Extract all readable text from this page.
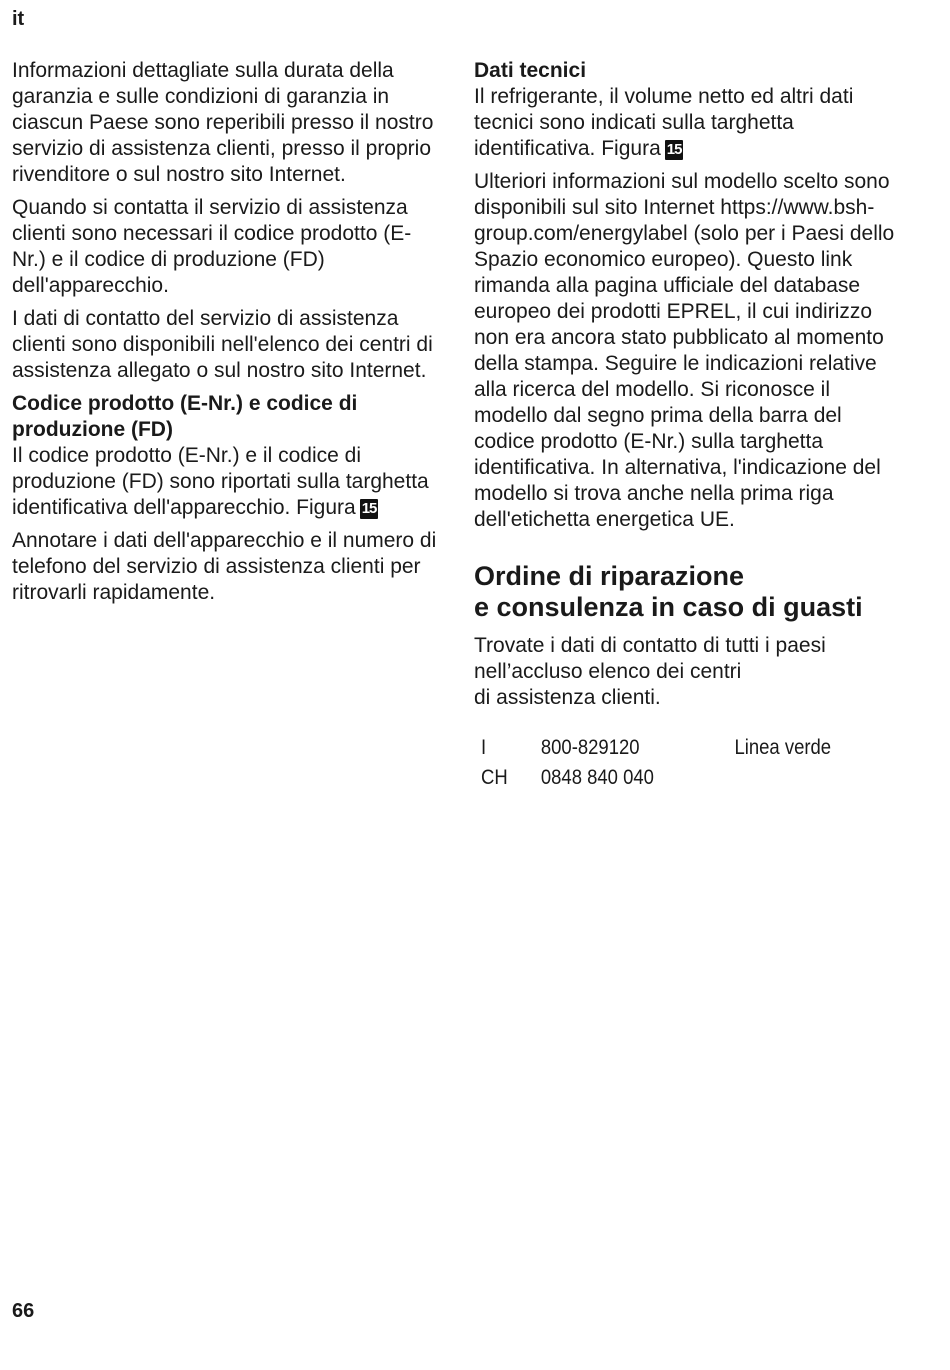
it

Informazioni dettagliate sulla durata della garanzia e sulle condizioni di garanzia in ciascun Paese sono reperibili presso il nostro servizio di assistenza clienti, presso il proprio rivenditore o sul nostro sito Internet.

Quando si contatta il servizio di assistenza clienti sono necessari il codice prodotto (E-Nr.) e il codice di produzione (FD) dell'apparecchio.

I dati di contatto del servizio di assistenza clienti sono disponibili nell'elenco dei centri di assistenza allegato o sul nostro sito Internet.

Codice prodotto (E-Nr.) e codice di produzione (FD)
Il codice prodotto (E-Nr.) e il codice di produzione (FD) sono riportati sulla targhetta identificativa dell'apparecchio. Figura 15

Annotare i dati dell'apparecchio e il numero di telefono del servizio di assistenza clienti per ritrovarli rapidamente.

Dati tecnici
Il refrigerante, il volume netto ed altri dati tecnici sono indicati sulla targhetta identificativa. Figura 15

Ulteriori informazioni sul modello scelto sono disponibili sul sito Internet https://www.bsh-group.com/energylabel (solo per i Paesi dello Spazio economico europeo). Questo link rimanda alla pagina ufficiale del database europeo dei prodotti EPREL, il cui indirizzo non era ancora stato pubblicato al momento della stampa. Seguire le indicazioni relative alla ricerca del modello. Si riconosce il modello dal segno prima della barra del codice prodotto (E-Nr.) sulla targhetta identificativa. In alternativa, l'indicazione del modello si trova anche nella prima riga dell'etichetta energetica UE.

Ordine di riparazione
e consulenza in caso di guasti

Trovate i dati di contatto di tutti i paesi
nell’accluso elenco dei centri
di assistenza clienti.

I	800-829120	Linea verde
CH	0848 840 040	
66
